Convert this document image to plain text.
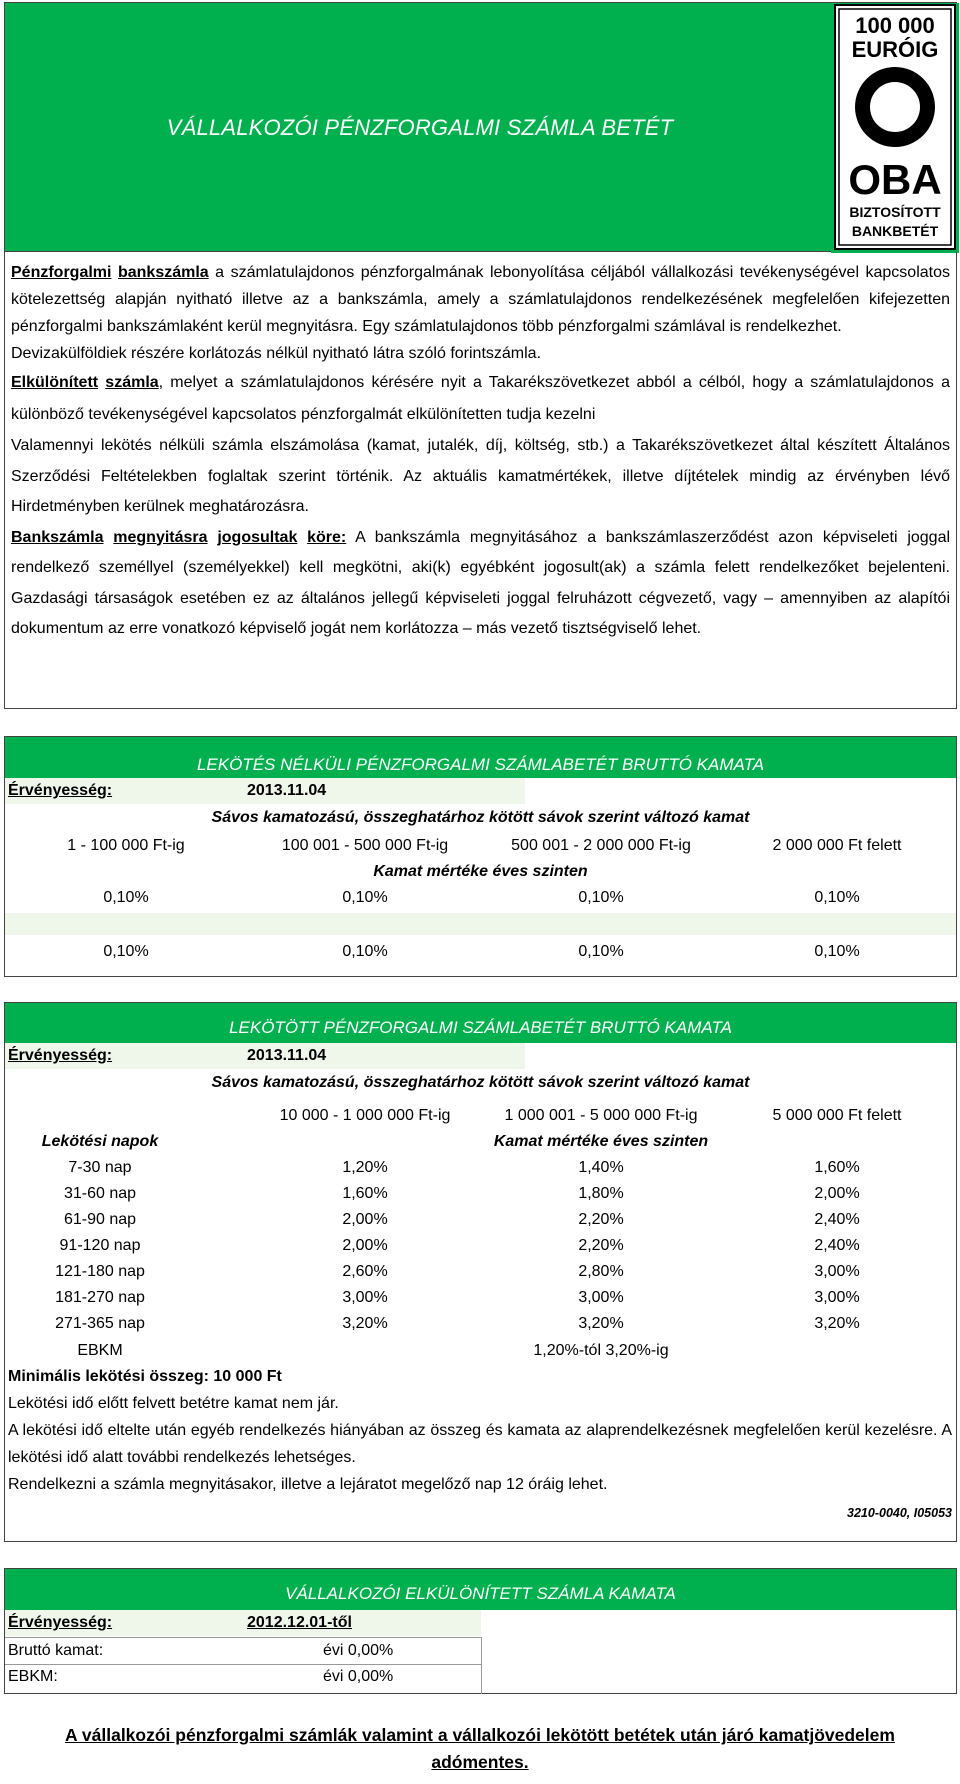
VÁLLALKOZÓI PÉNZFORGALMI SZÁMLA BETÉT
100 000
EURÓIG
OBA
BIZTOSÍTOTT
BANKBETÉT

Pénzforgalmi bankszámla a számlatulajdonos pénzforgalmának lebonyolítása céljából vállalkozási tevékenységével kapcsolatos kötelezettség alapján nyitható illetve az a bankszámla, amely a számlatulajdonos rendelkezésének megfelelően kifejezetten pénzforgalmi bankszámlaként kerül megnyitásra. Egy számlatulajdonos több pénzforgalmi számlával is rendelkezhet.

Devizakülföldiek részére korlátozás nélkül nyitható látra szóló forintszámla.

Elkülönített számla, melyet a számlatulajdonos kérésére nyit a Takarékszövetkezet abból a célból, hogy a számlatulajdonos a különböző tevékenységével kapcsolatos pénzforgalmát elkülönítetten tudja kezelni

Valamennyi lekötés nélküli számla elszámolása (kamat, jutalék, díj, költség, stb.) a Takarékszövetkezet által készített Általános Szerződési Feltételekben foglaltak szerint történik. Az aktuális kamatmértékek, illetve díjtételek mindig az érvényben lévő Hirdetményben kerülnek meghatározásra.

Bankszámla megnyitásra jogosultak köre: A bankszámla megnyitásához a bankszámlaszerződést azon képviseleti joggal rendelkező személlyel (személyekkel) kell megkötni, aki(k) egyébként jogosult(ak) a számla felett rendelkezőket bejelenteni. Gazdasági társaságok esetében ez az általános jellegű képviseleti joggal felruházott cégvezető, vagy – amennyiben az alapítói dokumentum az erre vonatkozó képviselő jogát nem korlátozza – más vezető tisztségviselő lehet.

LEKÖTÉS NÉLKÜLI PÉNZFORGALMI SZÁMLABETÉT BRUTTÓ KAMATA
Érvényesség:	2013.11.04
Sávos kamatozású, összeghatárhoz kötött sávok szerint változó kamat
1 - 100 000 Ft-ig	100 001 - 500 000 Ft-ig	500 001 - 2 000 000 Ft-ig	2 000 000 Ft felett
Kamat mértéke éves szinten
0,10%	0,10%	0,10%	0,10%
0,10%	0,10%	0,10%	0,10%
LEKÖTÖTT PÉNZFORGALMI SZÁMLABETÉT BRUTTÓ KAMATA
Érvényesség:	2013.11.04
Sávos kamatozású, összeghatárhoz kötött sávok szerint változó kamat
10 000 - 1 000 000 Ft-ig	1 000 001 - 5 000 000 Ft-ig	5 000 000 Ft felett
Lekötési napok	Kamat mértéke éves szinten
7-30 nap	1,20%	1,40%	1,60%
31-60 nap	1,60%	1,80%	2,00%
61-90 nap	2,00%	2,20%	2,40%
91-120 nap	2,00%	2,20%	2,40%
121-180 nap	2,60%	2,80%	3,00%
181-270 nap	3,00%	3,00%	3,00%
271-365 nap	3,20%	3,20%	3,20%
EBKM	1,20%-tól 3,20%-ig
Minimális lekötési összeg: 10 000 Ft
Lekötési idő előtt felvett betétre kamat nem jár.
A lekötési idő eltelte után egyéb rendelkezés hiányában az összeg és kamata az alaprendelkezésnek megfelelően kerül kezelésre. A lekötési idő alatt további rendelkezés lehetséges.
Rendelkezni a számla megnyitásakor, illetve a lejáratot megelőző nap 12 óráig lehet.
3210-0040, I05053
VÁLLALKOZÓI ELKÜLÖNÍTETT SZÁMLA KAMATA
Érvényesség:	2012.12.01-től
Bruttó kamat:	évi 0,00%
EBKM:	évi 0,00%
A vállalkozói pénzforgalmi számlák valamint a vállalkozói lekötött betétek után járó kamatjövedelem adómentes.
